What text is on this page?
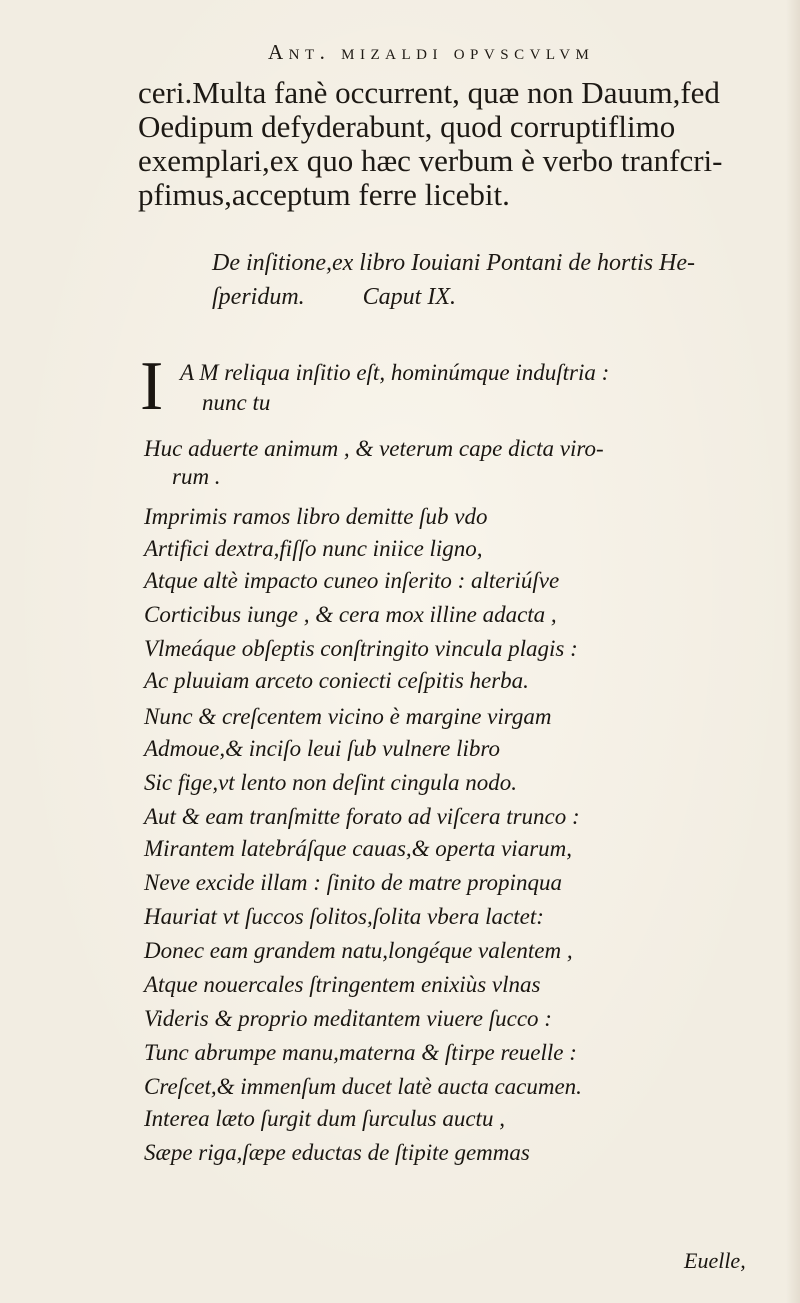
Ant. mizaldi opvscvlvm
ceri.Multa fanè occurrent, quæ non Dauum,fed
Oedipum defyderabunt, quod corruptiflimo
exemplari,ex quo hæc verbum è verbo tranfcri-
pfimus,acceptum ferre licebit.
De inſitione,ex libro Iouiani Pontani de hortis He-
ſperidum. Caput IX.
I A M reliqua inſitio eſt, hominúmque induſtria :
nunc tu
Huc aduerte animum , & veterum cape dicta viro-
rum .
Imprimis ramos libro demitte ſub vdo
Artifici dextra,fiſſo nunc iniice ligno,
Atque altè impacto cuneo inſerito : alteriúſve
Corticibus iunge , & cera mox illine adacta ,
Vlmeáque obſeptis conſtringito vincula plagis :
Ac pluuiam arceto coniecti ceſpitis herba.
Nunc & creſcentem vicino è margine virgam
Admoue,& inciſo leui ſub vulnere libro
Sic fige,vt lento non deſint cingula nodo.
Aut & eam tranſmitte forato ad viſcera trunco :
Mirantem latebráſque cauas,& operta viarum,
Neve excide illam : ſinito de matre propinqua
Hauriat vt ſuccos ſolitos,ſolita vbera lactet:
Donec eam grandem natu,longéque valentem ,
Atque nouercales ſtringentem enixiùs vlnas
Videris & proprio meditantem viuere ſucco :
Tunc abrumpe manu,materna & ſtirpe reuelle :
Creſcet,& immenſum ducet latè aucta cacumen.
Interea læto ſurgit dum ſurculus auctu ,
Sæpe riga,ſæpe eductas de ſtipite gemmas
Euelle,
